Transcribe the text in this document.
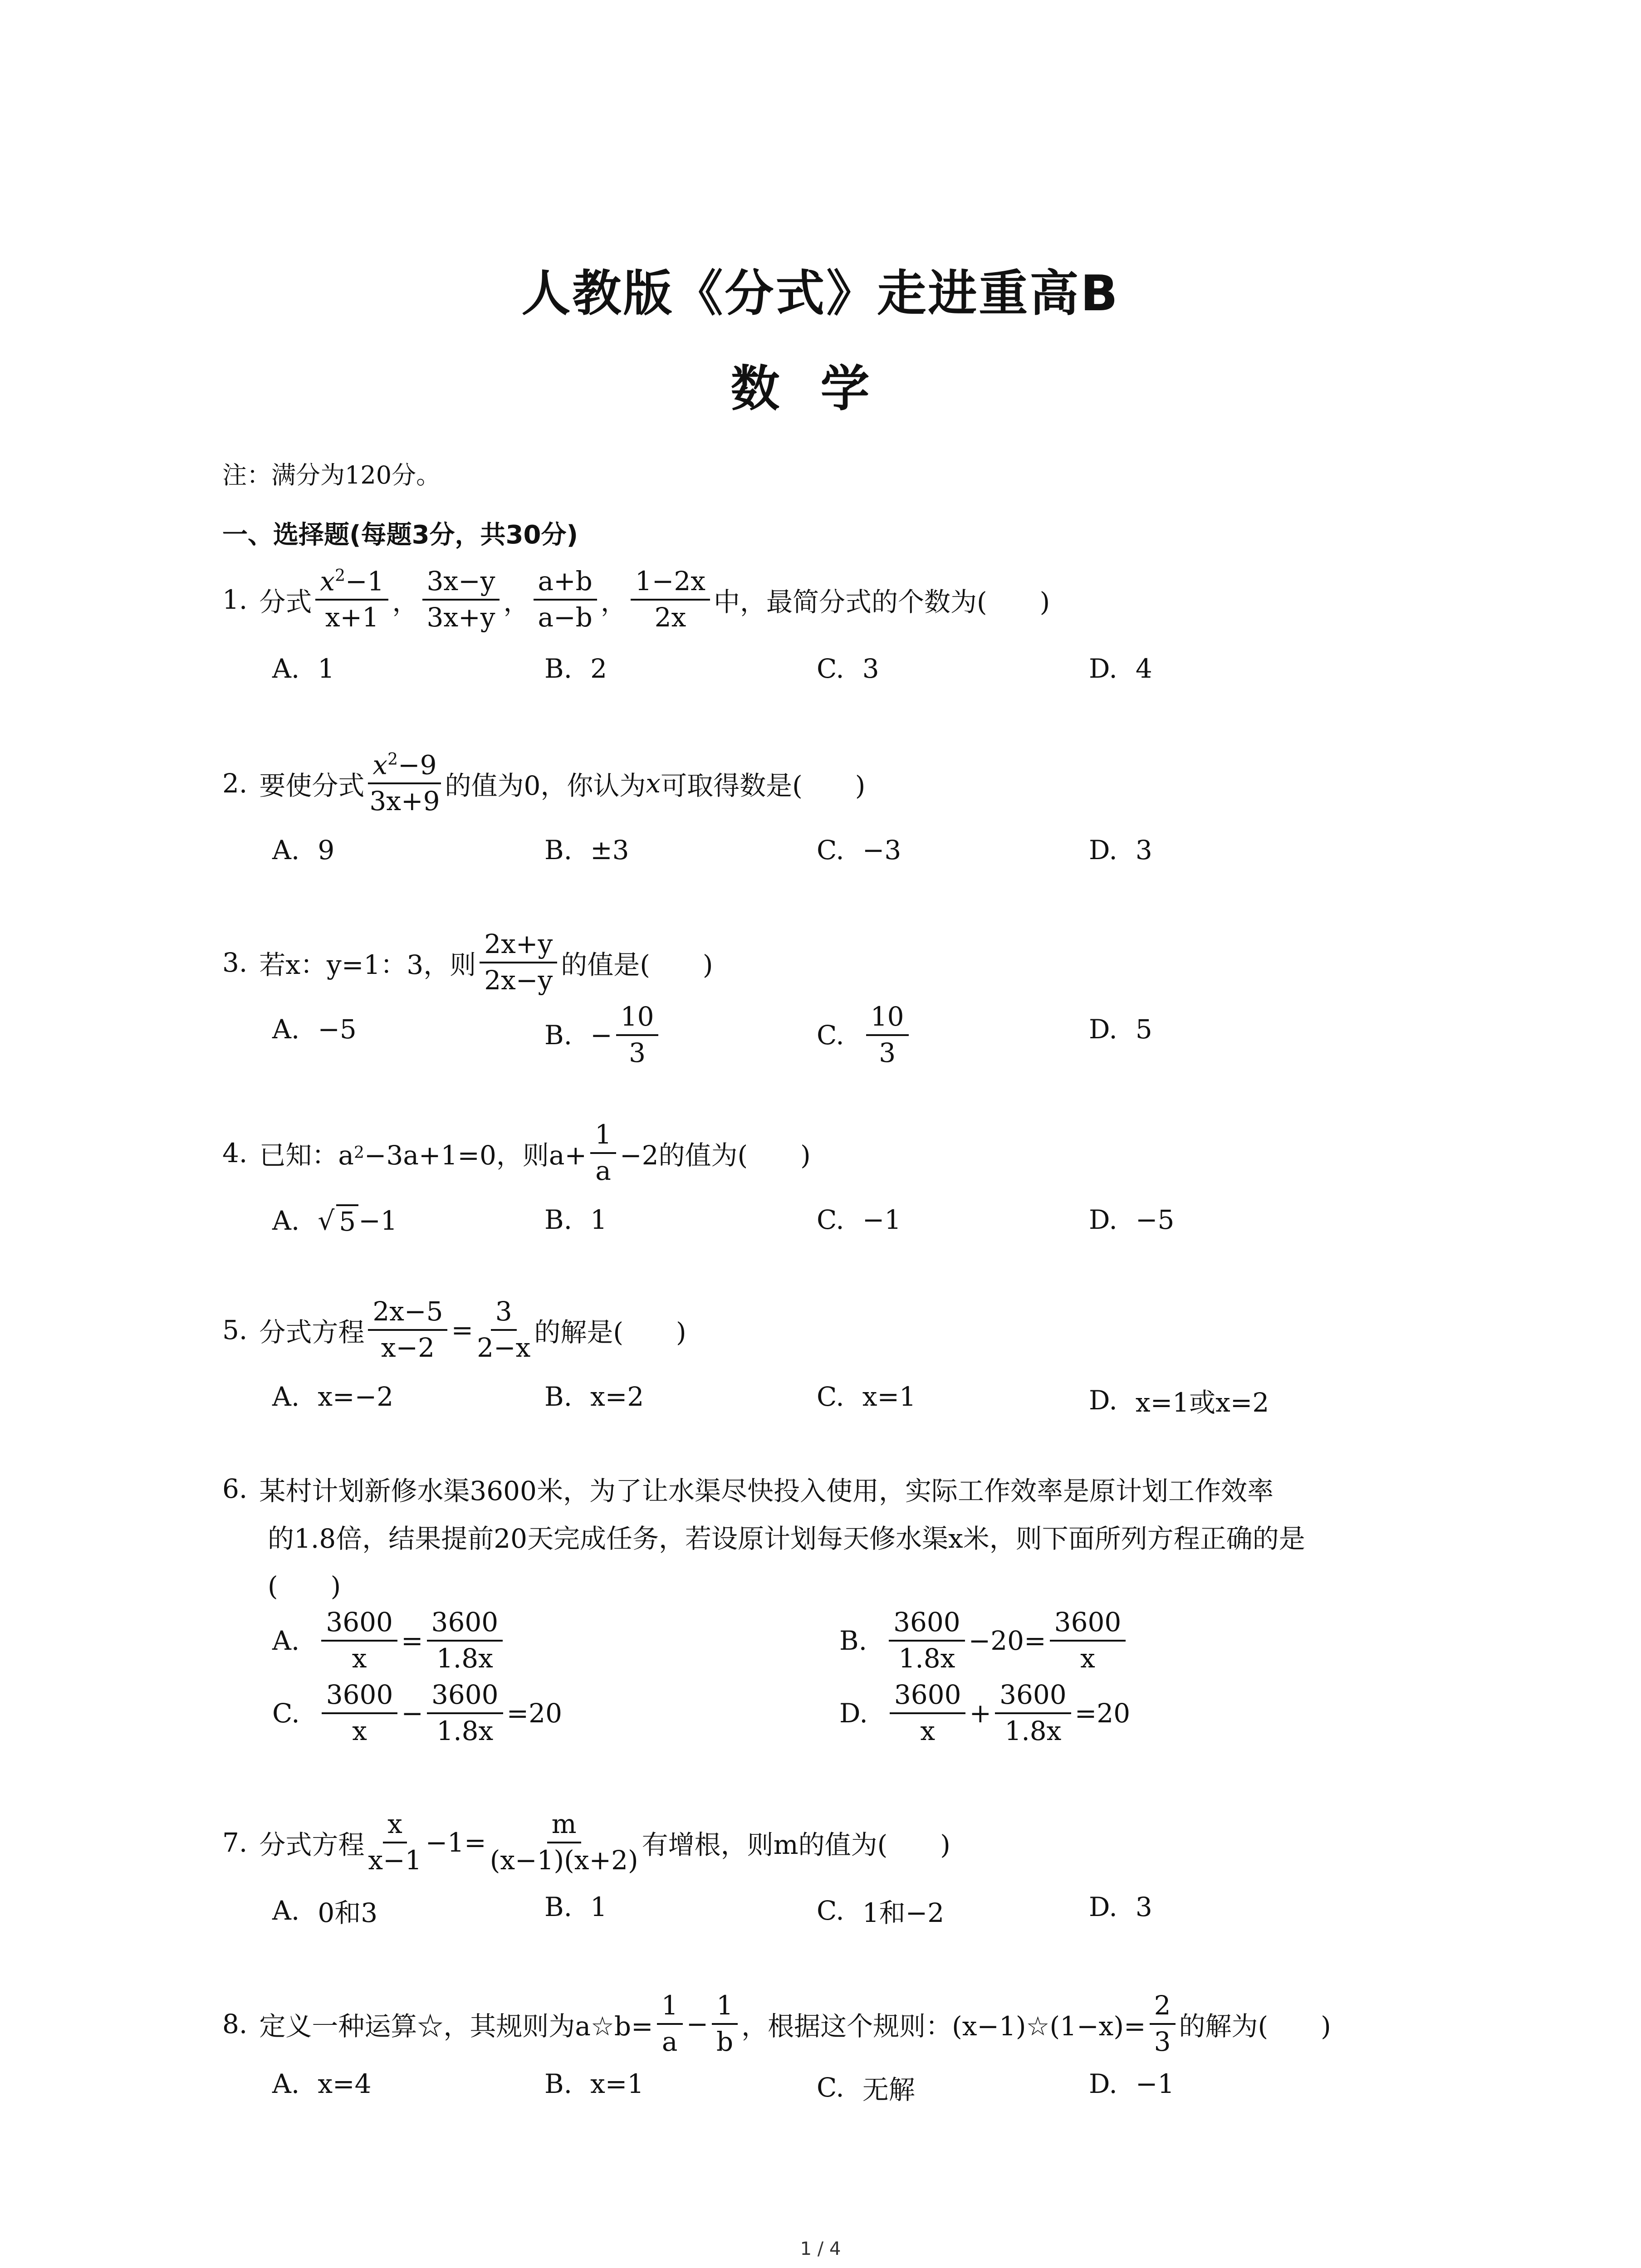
人教版《分式》走进重高B
数学
注：满分为120分。
一、选择题(每题3分，共30分)
1. 分式 $\frac{x^2-1}{x+1}$ ， $\frac{3x-y}{3x+y}$ ， $\frac{a+b}{a-b}$ ， $\frac{1-2x}{2x}$ 中，最简分式的个数为(　　)
A. 1	B. 2	C. 3	D. 4
2. 要使分式 $\frac{x^2-9}{3x+9}$ 的值为0，你认为 x 可取得数是(　　)
A. 9	B. ±3	C. −3	D. 3
3. 若x：y=1：3，则 $\frac{2x+y}{2x-y}$ 的值是(　　)
A. −5	B. − $\frac{10}{3}$	C. $\frac{10}{3}$	D. 5
4. 已知：a 2 −3a+1=0，则$a+ \frac{1}{a} -2$的值为(　　)
A. √ 5 −1	B. 1	C. −1	D. −5
5. 分式方程 $\frac{2x-5}{x-2} = \frac{3}{2-x}$ 的解是(　　)
A. x=−2	B. x=2	C. x=1	D. x=1或x=2
6. 某村计划新修水渠3600米，为了让水渠尽快投入使用，实际工作效率是原计划工作效率
的1.8倍，结果提前20天完成任务，若设原计划每天修水渠x米，则下面所列方程正确的是
(　　)
A. $\frac{3600}{x} = \frac{3600}{1.8x}$	B. $\frac{3600}{1.8x} -20= \frac{3600}{x}$
C. $\frac{3600}{x} - \frac{3600}{1.8x} =20$	D. $\frac{3600}{x} + \frac{3600}{1.8x} =20$
7. 分式方程 $\frac{x}{x-1} -1= \frac{m}{(x-1)(x+2)}$ 有增根，则m的值为(　　)
A. 0和3	B. 1	C. 1和−2	D. 3
8. 定义一种运算☆，其规则为a☆b= $\frac{1}{a} - \frac{1}{b}$ ，根据这个规则：(x−1)☆(1−x)= $\frac{2}{3}$ 的解为(　　)
A. x=4	B. x=1	C. 无解	D. −1
1 / 4
